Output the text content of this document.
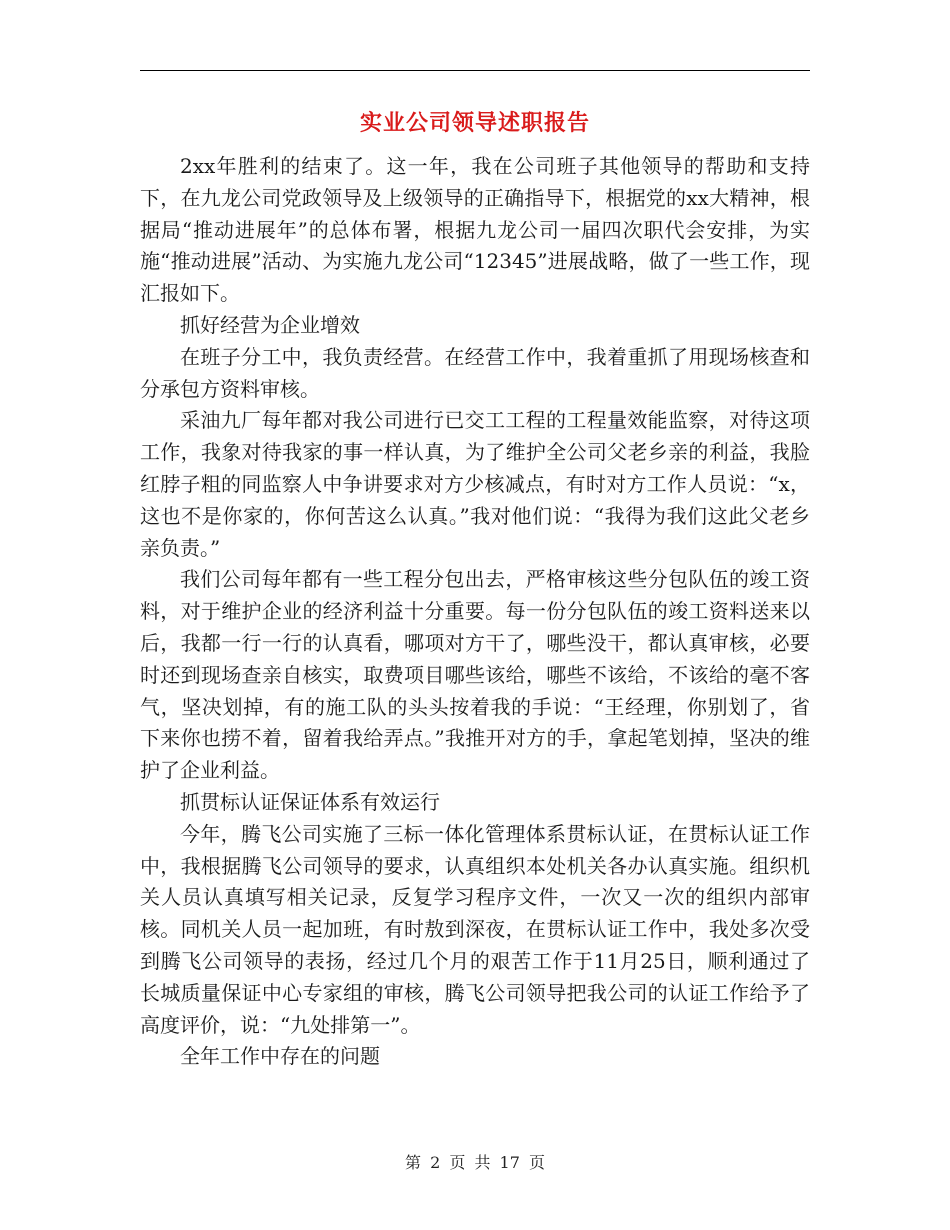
实业公司领导述职报告

2xx年胜利的结束了。这一年，我在公司班子其他领导的帮助和支持下，在九龙公司党政领导及上级领导的正确指导下，根据党的xx大精神，根据局“推动进展年”的总体布署，根据九龙公司一届四次职代会安排，为实施“推动进展”活动、为实施九龙公司“12345”进展战略，做了一些工作，现汇报如下。

抓好经营为企业增效

在班子分工中，我负责经营。在经营工作中，我着重抓了用现场核查和分承包方资料审核。

采油九厂每年都对我公司进行已交工工程的工程量效能监察，对待这项工作，我象对待我家的事一样认真，为了维护全公司父老乡亲的利益，我脸红脖子粗的同监察人中争讲要求对方少核减点，有时对方工作人员说：“x，这也不是你家的，你何苦这么认真。”我对他们说：“我得为我们这此父老乡亲负责。”

我们公司每年都有一些工程分包出去，严格审核这些分包队伍的竣工资料，对于维护企业的经济利益十分重要。每一份分包队伍的竣工资料送来以后，我都一行一行的认真看，哪项对方干了，哪些没干，都认真审核，必要时还到现场查亲自核实，取费项目哪些该给，哪些不该给，不该给的毫不客气，坚决划掉，有的施工队的头头按着我的手说：“王经理，你别划了，省下来你也捞不着，留着我给弄点。”我推开对方的手，拿起笔划掉，坚决的维护了企业利益。

抓贯标认证保证体系有效运行

今年，腾飞公司实施了三标一体化管理体系贯标认证，在贯标认证工作中，我根据腾飞公司领导的要求，认真组织本处机关各办认真实施。组织机关人员认真填写相关记录，反复学习程序文件，一次又一次的组织内部审核。同机关人员一起加班，有时敖到深夜，在贯标认证工作中，我处多次受到腾飞公司领导的表扬，经过几个月的艰苦工作于11月25日，顺利通过了长城质量保证中心专家组的审核，腾飞公司领导把我公司的认证工作给予了高度评价，说：“九处排第一”。

全年工作中存在的问题

第 2 页 共 17 页
